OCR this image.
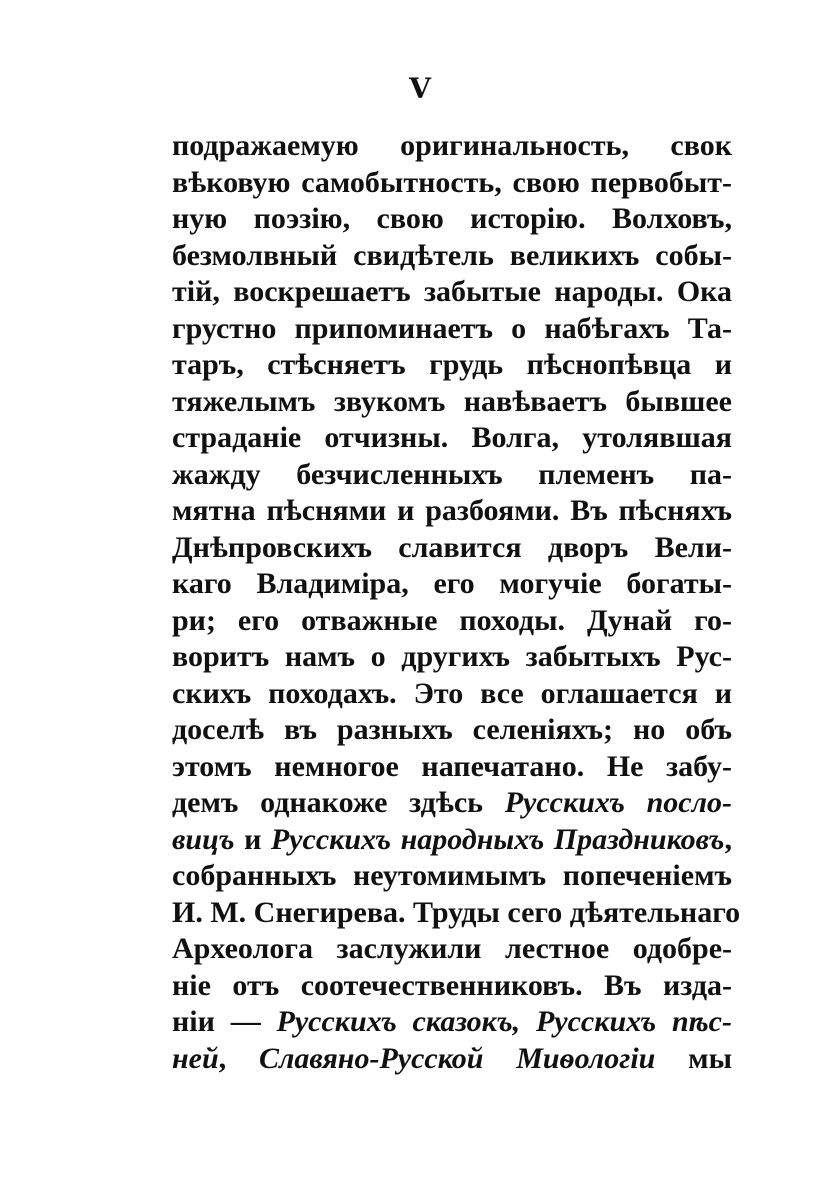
V
подражаемую оригинальность, свок
вѣковую самобытность, свою первобыт-
ную поэзію, свою исторію. Волховъ,
безмолвный свидѣтель великихъ собы-
тій, воскрешаетъ забытые народы. Ока
грустно припоминаетъ о набѣгахъ Та-
таръ, стѣсняетъ грудь пѣснопѣвца и
тяжелымъ звукомъ навѣваетъ бывшее
страданіе отчизны. Волга, утолявшая
жажду безчисленныхъ племенъ па-
мятна пѣснями и разбоями. Въ пѣсняхъ
Днѣпровскихъ славится дворъ Вели-
каго Владиміра, его могучіе богаты-
ри; его отважные походы. Дунай го-
воритъ намъ о другихъ забытыхъ Рус-
скихъ походахъ. Это все оглашается и
доселѣ въ разныхъ селеніяхъ; но объ
этомъ немногое напечатано. Не забу-
демъ однакоже здѣсь Русскихъ посло-
вицъ и Русскихъ народныхъ Праздниковъ,
собранныхъ неутомимымъ попеченіемъ
И. М. Снегирева. Труды сего дѣятельнаго
Археолога заслужили лестное одобре-
ніе отъ соотечественниковъ. Въ изда-
ніи — Русскихъ сказокъ, Русскихъ пѣс-
ней, Славяно-Русской Миѳологіи мы
